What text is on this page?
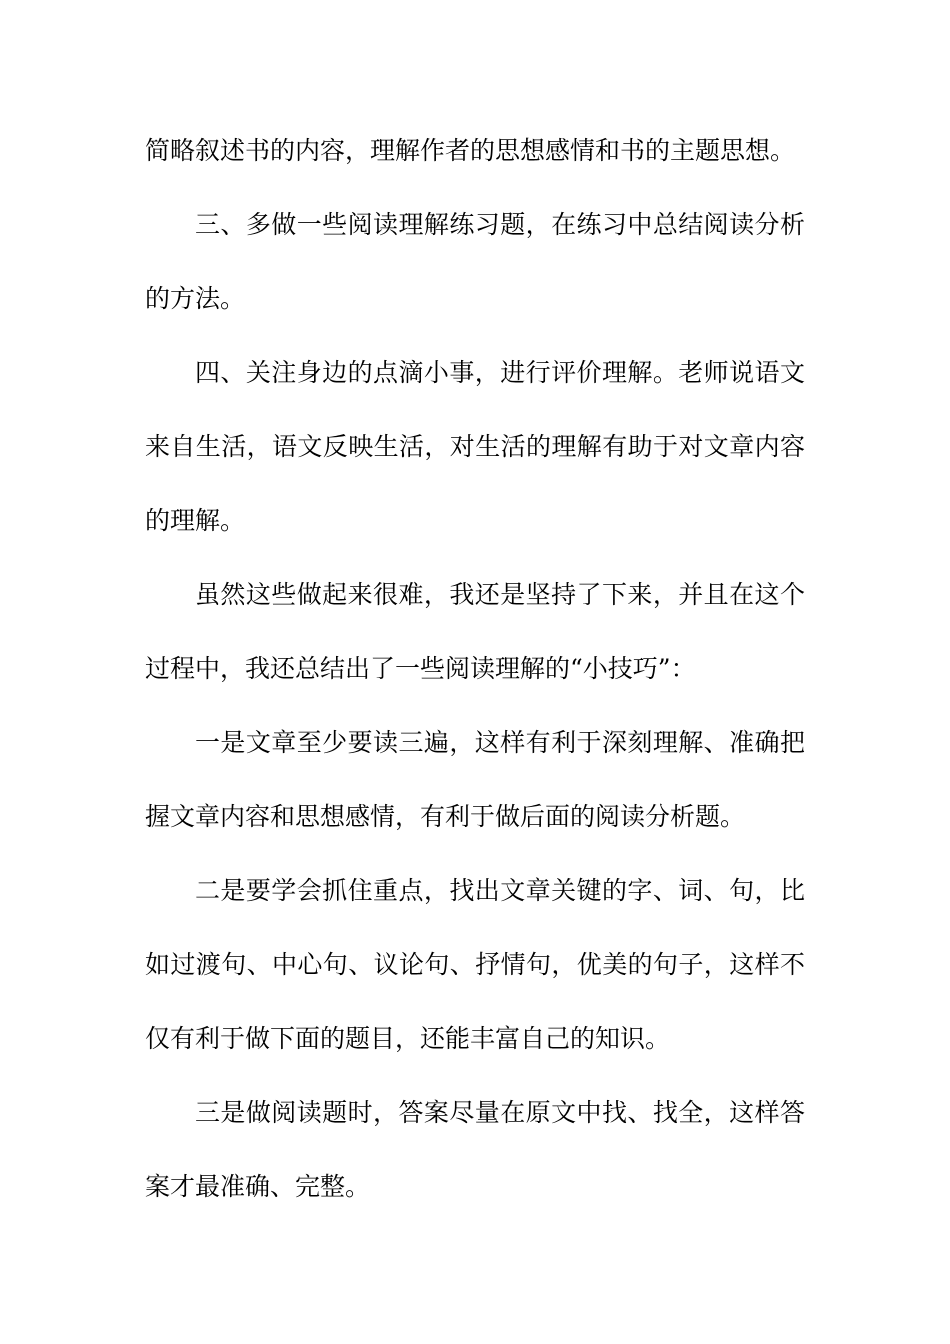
简略叙述书的内容，理解作者的思想感情和书的主题思想。

三、多做一些阅读理解练习题，在练习中总结阅读分析的方法。

四、关注身边的点滴小事，进行评价理解。老师说语文来自生活，语文反映生活，对生活的理解有助于对文章内容的理解。

虽然这些做起来很难，我还是坚持了下来，并且在这个过程中，我还总结出了一些阅读理解的“小技巧”：

一是文章至少要读三遍，这样有利于深刻理解、准确把握文章内容和思想感情，有利于做后面的阅读分析题。

二是要学会抓住重点，找出文章关键的字、词、句，比如过渡句、中心句、议论句、抒情句，优美的句子，这样不仅有利于做下面的题目，还能丰富自己的知识。

三是做阅读题时，答案尽量在原文中找、找全，这样答案才最准确、完整。
